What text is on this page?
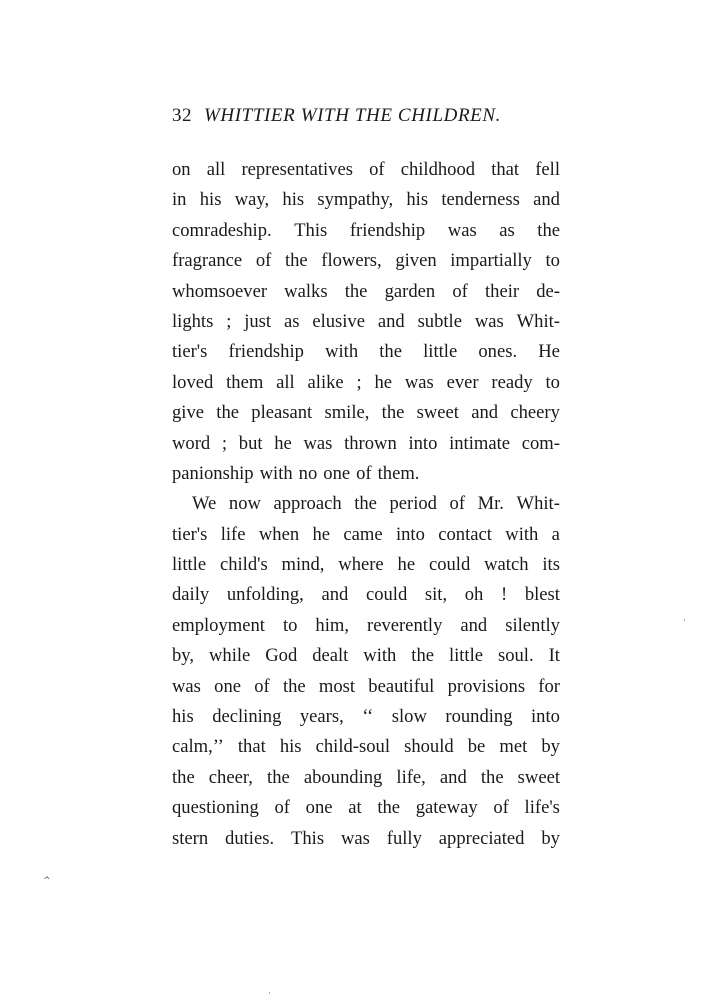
32 WHITTIER WITH THE CHILDREN.
on all representatives of childhood that fell
in his way, his sympathy, his tenderness and
comradeship. This friendship was as the
fragrance of the flowers, given impartially to
whomsoever walks the garden of their de-
lights ; just as elusive and subtle was Whit-
tier's friendship with the little ones. He
loved them all alike ; he was ever ready to
give the pleasant smile, the sweet and cheery
word ; but he was thrown into intimate com-
panionship with no one of them.
We now approach the period of Mr. Whit-
tier's life when he came into contact with a
little child's mind, where he could watch its
daily unfolding, and could sit, oh ! blest
employment to him, reverently and silently
by, while God dealt with the little soul. It
was one of the most beautiful provisions for
his declining years, ‘‘ slow rounding into
calm,’’ that his child-soul should be met by
the cheer, the abounding life, and the sweet
questioning of one at the gateway of life's
stern duties. This was fully appreciated by
·
^
·
